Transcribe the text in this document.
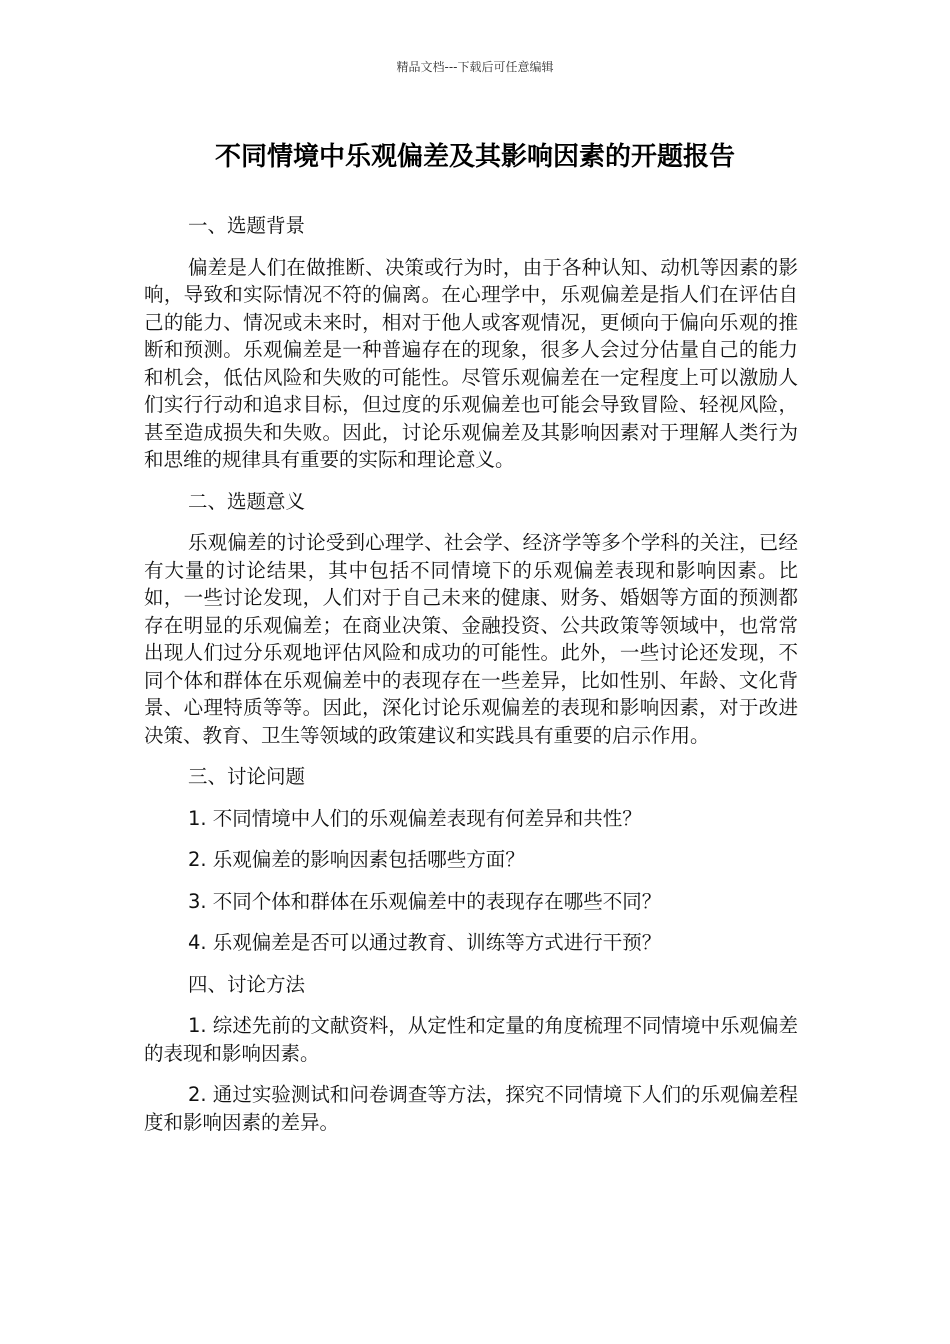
精品文档---下载后可任意编辑
不同情境中乐观偏差及其影响因素的开题报告

一、选题背景

偏差是人们在做推断、决策或行为时，由于各种认知、动机等因素的影响，导致和实际情况不符的偏离。在心理学中，乐观偏差是指人们在评估自己的能力、情况或未来时，相对于他人或客观情况，更倾向于偏向乐观的推断和预测。乐观偏差是一种普遍存在的现象，很多人会过分估量自己的能力和机会，低估风险和失败的可能性。尽管乐观偏差在一定程度上可以激励人们实行行动和追求目标，但过度的乐观偏差也可能会导致冒险、轻视风险，甚至造成损失和失败。因此，讨论乐观偏差及其影响因素对于理解人类行为和思维的规律具有重要的实际和理论意义。

二、选题意义

乐观偏差的讨论受到心理学、社会学、经济学等多个学科的关注，已经有大量的讨论结果，其中包括不同情境下的乐观偏差表现和影响因素。比如，一些讨论发现，人们对于自己未来的健康、财务、婚姻等方面的预测都存在明显的乐观偏差；在商业决策、金融投资、公共政策等领域中，也常常出现人们过分乐观地评估风险和成功的可能性。此外，一些讨论还发现，不同个体和群体在乐观偏差中的表现存在一些差异，比如性别、年龄、文化背景、心理特质等等。因此，深化讨论乐观偏差的表现和影响因素，对于改进决策、教育、卫生等领域的政策建议和实践具有重要的启示作用。

三、讨论问题

1. 不同情境中人们的乐观偏差表现有何差异和共性？

2. 乐观偏差的影响因素包括哪些方面？

3. 不同个体和群体在乐观偏差中的表现存在哪些不同？

4. 乐观偏差是否可以通过教育、训练等方式进行干预？

四、讨论方法

1. 综述先前的文献资料，从定性和定量的角度梳理不同情境中乐观偏差的表现和影响因素。

2. 通过实验测试和问卷调查等方法，探究不同情境下人们的乐观偏差程度和影响因素的差异。
